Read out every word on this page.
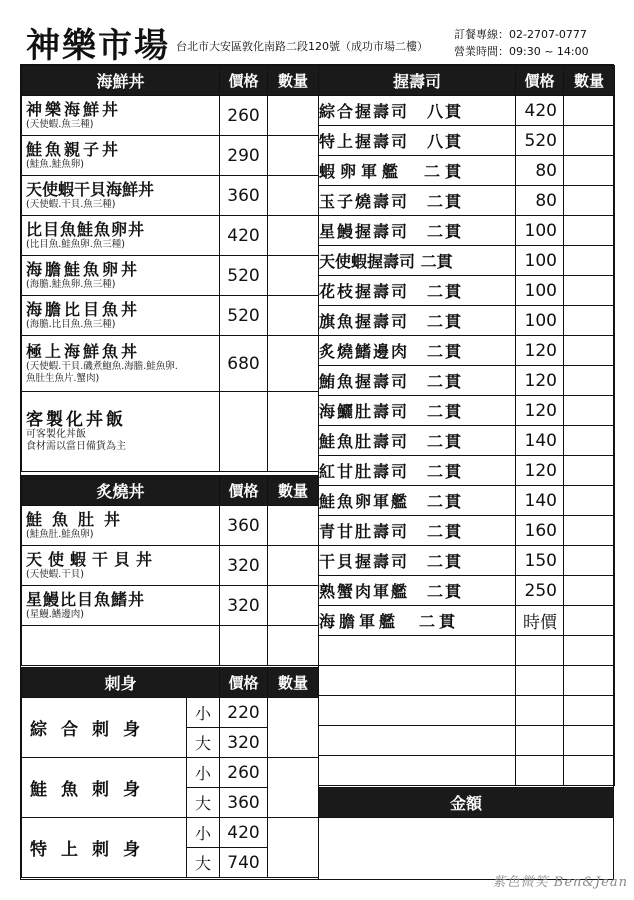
神樂市場 台北市大安區敦化南路二段120號（成功市場二樓）
訂餐專線：02-2707-0777
營業時間：09:30 ~ 14:00
海鮮丼	價格	數量

神樂海鮮丼
(天使蝦.魚三種)	260	

鮭魚親子丼
(鮭魚.鮭魚卵)	290	

天使蝦干貝海鮮丼
(天使蝦.干貝.魚三種)	360	

比目魚鮭魚卵丼
(比目魚.鮭魚卵.魚三種)	420	

海膽鮭魚卵丼
(海膽.鮭魚卵.魚三種)	520	

海膽比目魚丼
(海膽.比目魚.魚三種)	520	

極上海鮮魚丼
(天使蝦.干貝.磯煮鮑魚.海膽.鮭魚卵.
魚肚生魚片.蟹肉)	680	

客製化丼飯
可客製化丼飯
食材需以當日備貨為主		

炙燒丼	價格	數量

鮭魚肚丼
(鮭魚肚.鮭魚卵)	360	

天使蝦干貝丼
(天使蝦.干貝)	320	

星鰻比目魚鰭丼
(星鰻.鰭邊肉)	320	

刺身		價格	數量
綜合刺身	小	220	
	大	320	
鮭魚刺身	小	260	
	大	360	
特上刺身	小	420	
	大	740	
握壽司	價格	數量
綜合握壽司　八貫	420	
特上握壽司　八貫	520	
蝦卵軍艦　二貫	80	
玉子燒壽司　二貫	80	
星鰻握壽司　二貫	100	
天使蝦握壽司 二貫	100	
花枝握壽司　二貫	100	
旗魚握壽司　二貫	100	
炙燒鰭邊肉　二貫	120	
鮪魚握壽司　二貫	120	
海鱺肚壽司　二貫	120	
鮭魚肚壽司　二貫	140	
紅甘肚壽司　二貫	120	
鮭魚卵軍艦　二貫	140	
青甘肚壽司　二貫	160	
干貝握壽司　二貫	150	
熟蟹肉軍艦　二貫	250	
海膽軍艦　二貫	時價	

金額

紫色微笑 Ben&Jean
